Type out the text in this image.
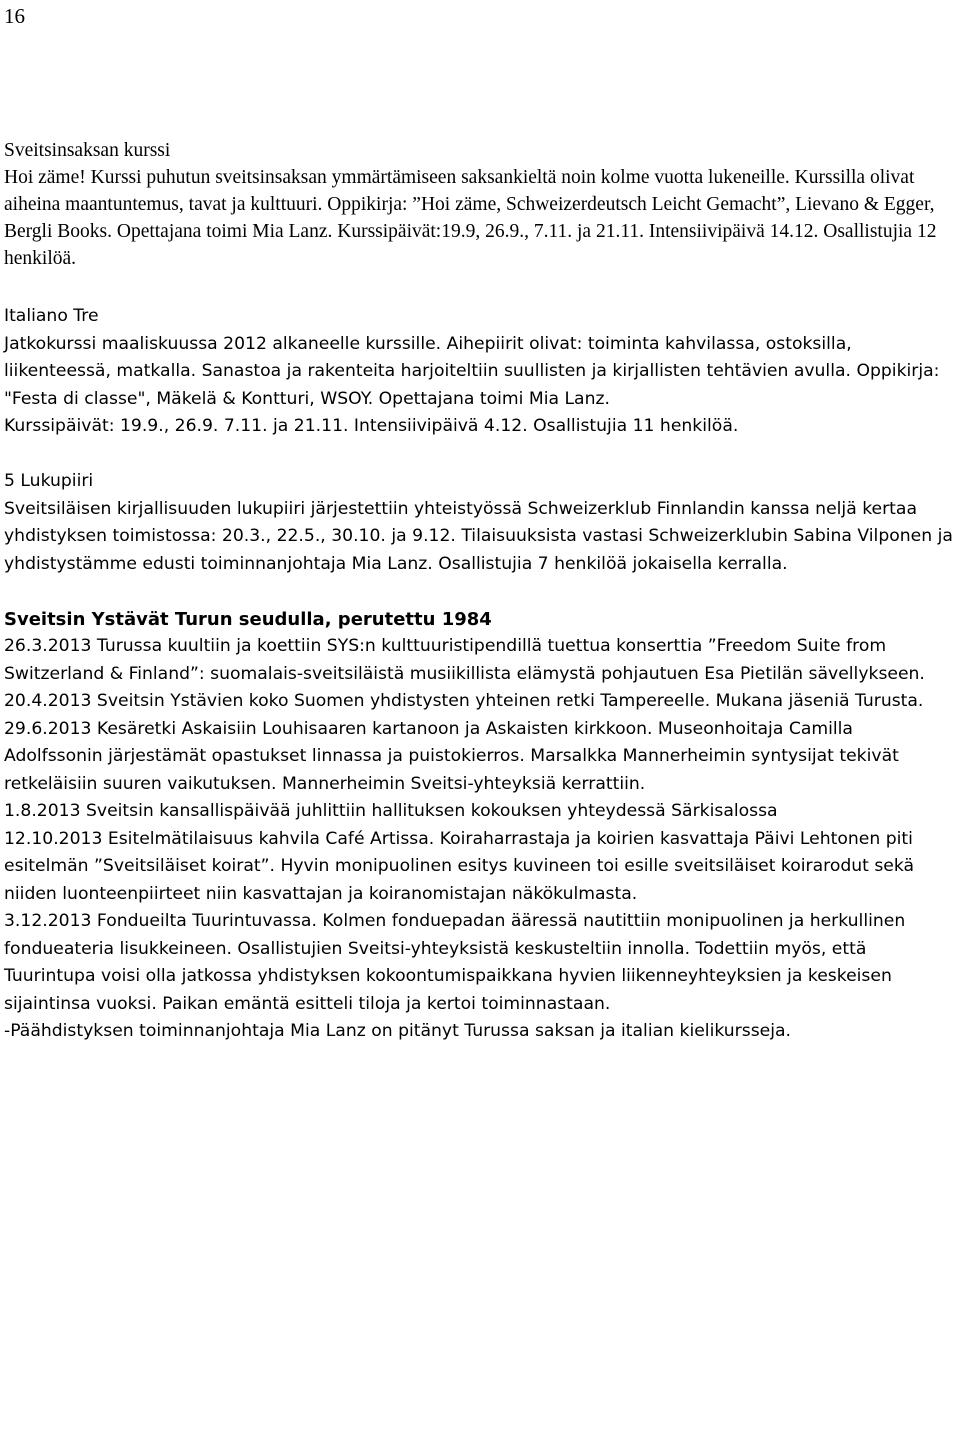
16

Sveitsinsaksan kurssi

Hoi zäme! Kurssi puhutun sveitsinsaksan ymmärtämiseen saksankieltä noin kolme vuotta lukeneille. Kurssilla olivat aiheina maantuntemus, tavat ja kulttuuri. Oppikirja: ”Hoi zäme, Schweizerdeutsch Leicht Gemacht”, Lievano & Egger, Bergli Books. Opettajana toimi Mia Lanz. Kurssipäivät:19.9, 26.9., 7.11. ja 21.11. Intensiivipäivä 14.12. Osallistujia 12 henkilöä.

Italiano Tre

Jatkokurssi maaliskuussa 2012 alkaneelle kurssille. Aihepiirit olivat: toiminta kahvilassa, ostoksilla, liikenteessä, matkalla. Sanastoa ja rakenteita harjoiteltiin suullisten ja kirjallisten tehtävien avulla. Oppikirja: "Festa di classe", Mäkelä & Kontturi, WSOY. Opettajana toimi Mia Lanz.

Kurssipäivät: 19.9., 26.9. 7.11. ja 21.11. Intensiivipäivä 4.12. Osallistujia 11 henkilöä.

5 Lukupiiri

Sveitsiläisen kirjallisuuden lukupiiri järjestettiin yhteistyössä Schweizerklub Finnlandin kanssa neljä kertaa yhdistyksen toimistossa: 20.3., 22.5., 30.10. ja 9.12. Tilaisuuksista vastasi Schweizerklubin Sabina Vilponen ja yhdistystämme edusti toiminnanjohtaja Mia Lanz. Osallistujia 7 henkilöä jokaisella kerralla.

Sveitsin Ystävät Turun seudulla, perutettu 1984

26.3.2013 Turussa kuultiin ja koettiin SYS:n kulttuuristipendillä tuettua konserttia ”Freedom Suite from Switzerland & Finland”: suomalais-sveitsiläistä musiikillista elämystä pohjautuen Esa Pietilän sävellykseen.

20.4.2013 Sveitsin Ystävien koko Suomen yhdistysten yhteinen retki Tampereelle. Mukana jäseniä Turusta.

29.6.2013 Kesäretki Askaisiin Louhisaaren kartanoon ja Askaisten kirkkoon. Museonhoitaja Camilla Adolfssonin järjestämät opastukset linnassa ja puistokierros. Marsalkka Mannerheimin syntysijat tekivät retkeläisiin suuren vaikutuksen. Mannerheimin Sveitsi-yhteyksiä kerrattiin.

1.8.2013 Sveitsin kansallispäivää juhlittiin hallituksen kokouksen yhteydessä Särkisalossa

12.10.2013 Esitelmätilaisuus kahvila Café Artissa. Koiraharrastaja ja koirien kasvattaja Päivi Lehtonen piti esitelmän ”Sveitsiläiset koirat”. Hyvin monipuolinen esitys kuvineen toi esille sveitsiläiset koirarodut sekä niiden luonteenpiirteet niin kasvattajan ja koiranomistajan näkökulmasta.

3.12.2013 Fondueilta Tuurintuvassa. Kolmen fonduepadan ääressä nautittiin monipuolinen ja herkullinen fondueateria lisukkeineen. Osallistujien Sveitsi-yhteyksistä keskusteltiin innolla. Todettiin myös, että Tuurintupa voisi olla jatkossa yhdistyksen kokoontumispaikkana hyvien liikenneyhteyksien ja keskeisen sijaintinsa vuoksi. Paikan emäntä esitteli tiloja ja kertoi toiminnastaan.

-Päähdistyksen toiminnanjohtaja Mia Lanz on pitänyt Turussa saksan ja italian kielikursseja.
